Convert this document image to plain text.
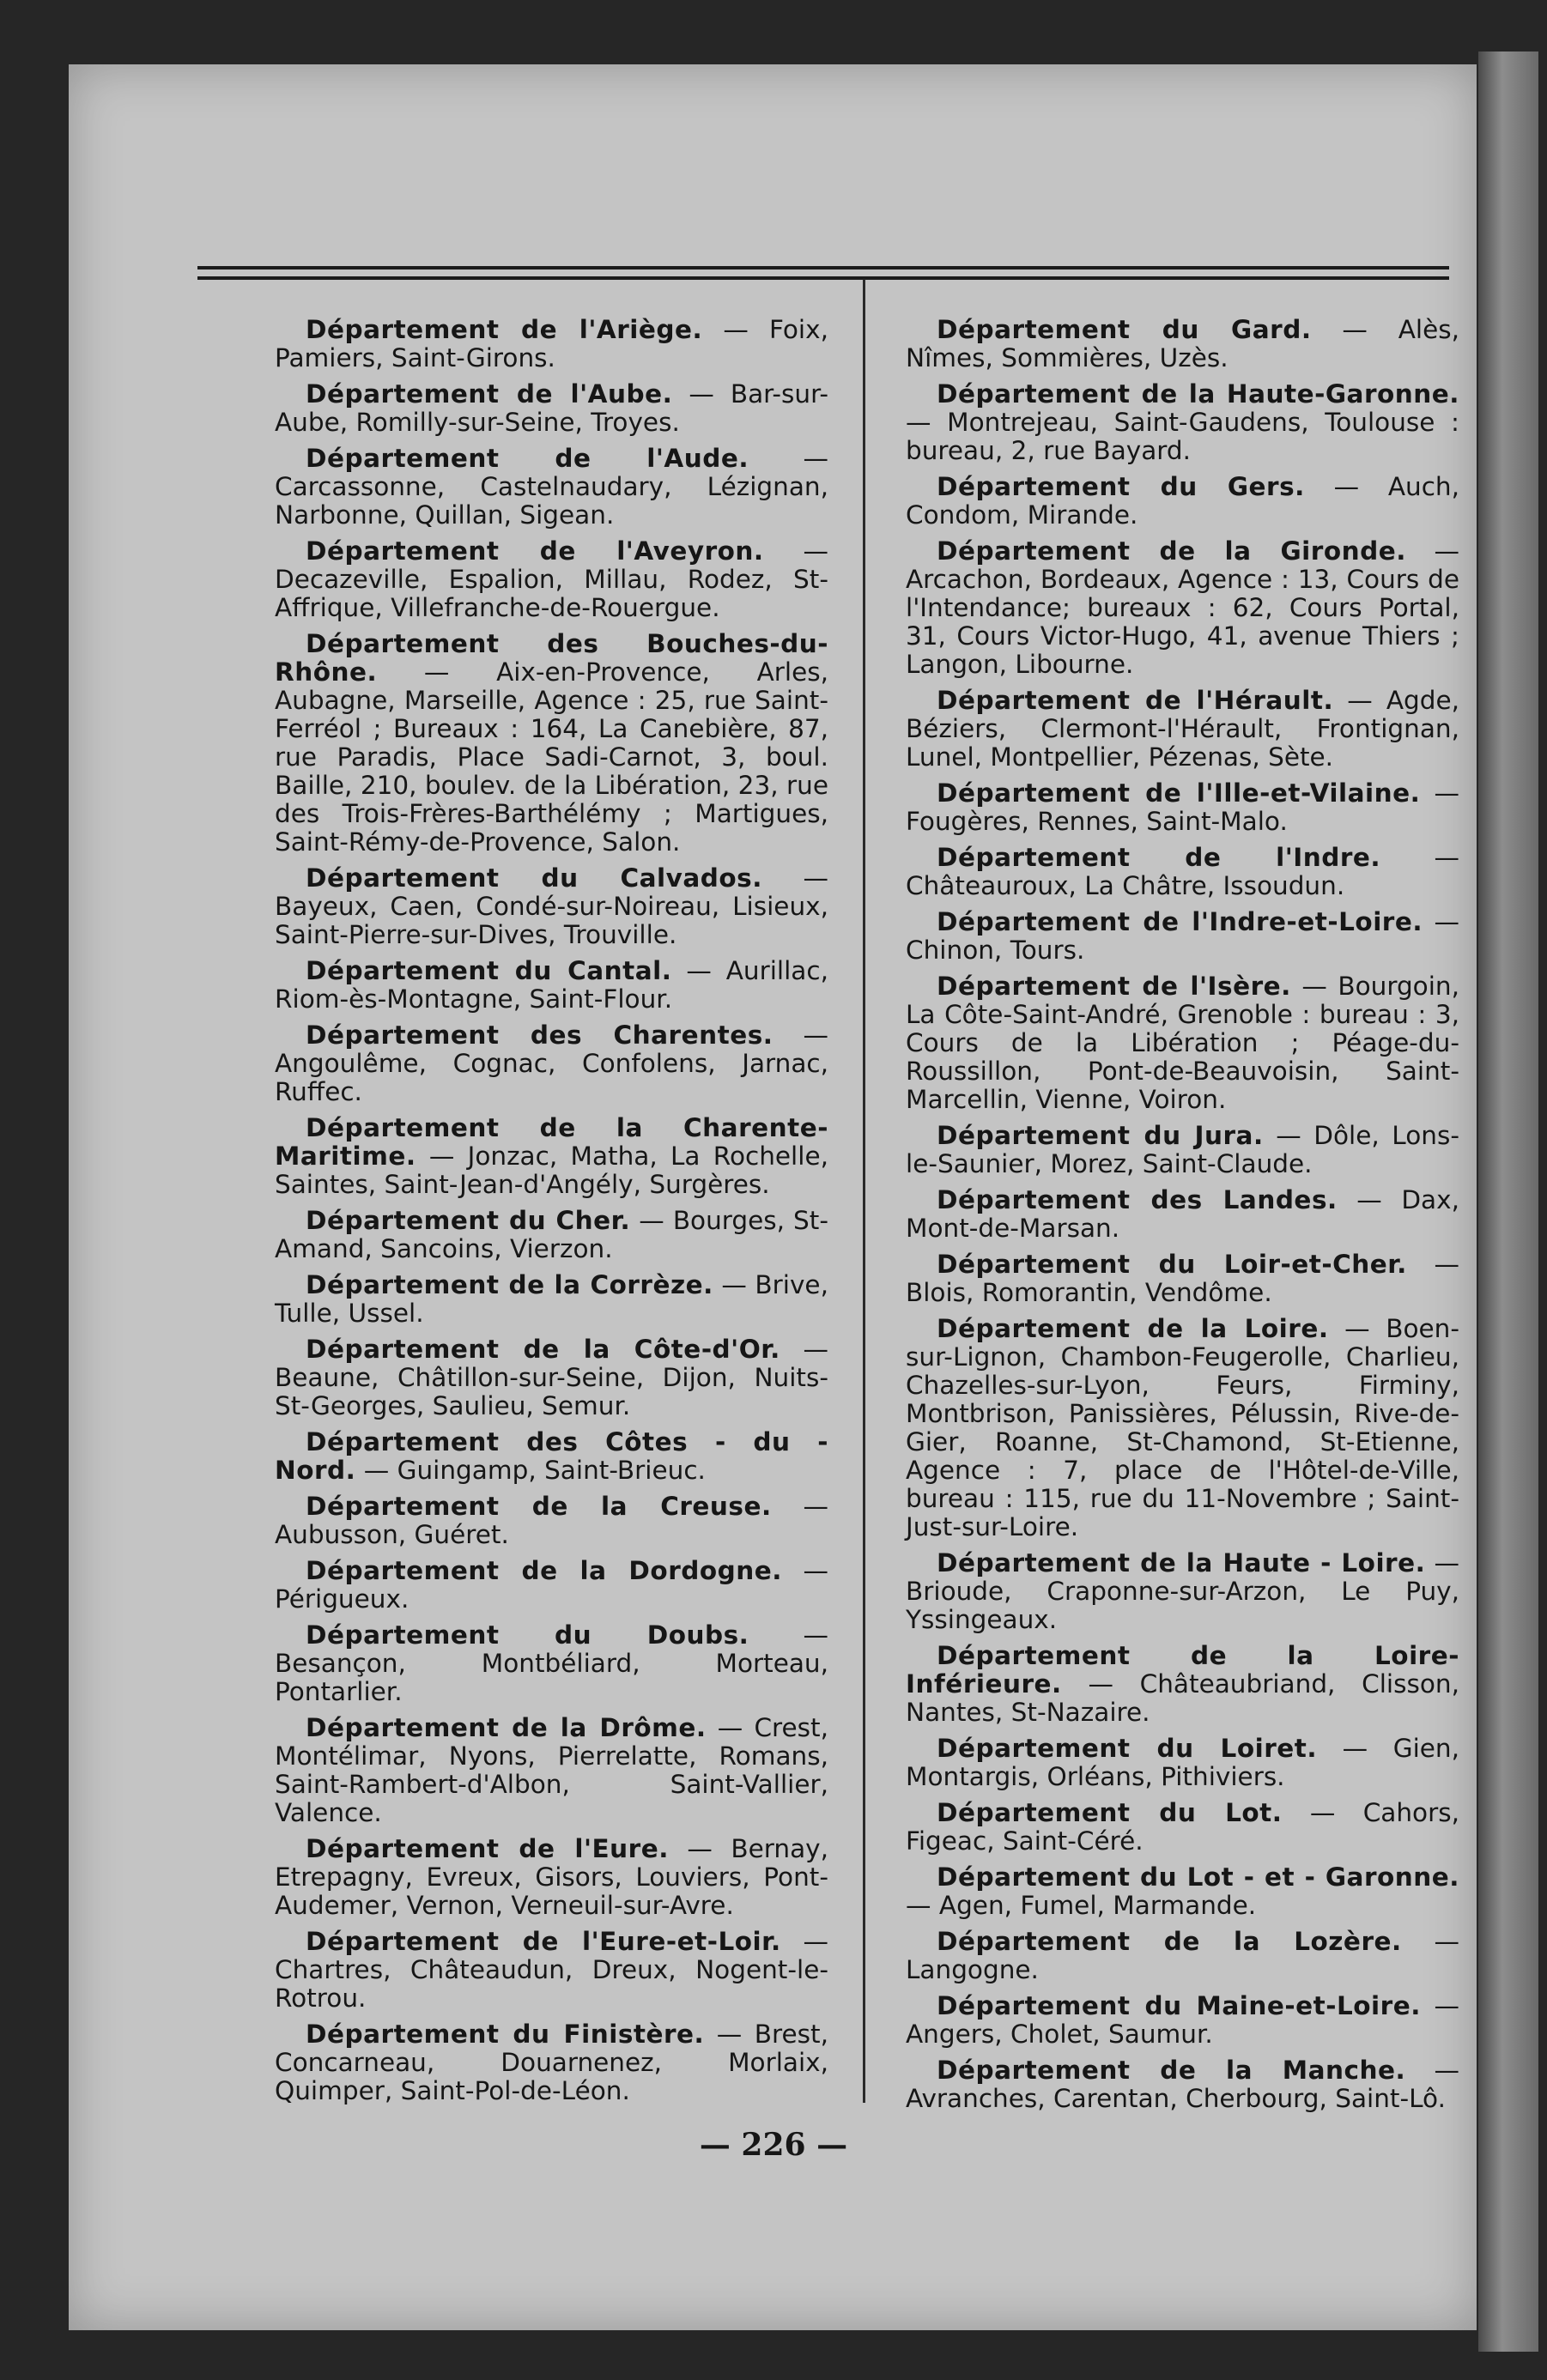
Département de l'Ariège. — Foix, Pamiers, Saint-Girons.

Département de l'Aube. — Bar-sur-Aube, Romilly-sur-Seine, Troyes.

Département de l'Aude. — Carcassonne, Castelnaudary, Lézignan, Narbonne, Quillan, Sigean.

Département de l'Aveyron. — Decazeville, Espalion, Millau, Rodez, St-Affrique, Villefranche-de-Rouergue.

Département des Bouches-du-Rhône. — Aix-en-Provence, Arles, Aubagne, Marseille, Agence : 25, rue Saint-Ferréol ; Bureaux : 164, La Canebière, 87, rue Paradis, Place Sadi-Carnot, 3, boul. Baille, 210, boulev. de la Libération, 23, rue des Trois-Frères-Barthélémy ; Martigues, Saint-Rémy-de-Provence, Salon.

Département du Calvados. — Bayeux, Caen, Condé-sur-Noireau, Lisieux, Saint-Pierre-sur-Dives, Trouville.

Département du Cantal. — Aurillac, Riom-ès-Montagne, Saint-Flour.

Département des Charentes. — Angoulême, Cognac, Confolens, Jarnac, Ruffec.

Département de la Charente-Maritime. — Jonzac, Matha, La Rochelle, Saintes, Saint-Jean-d'Angély, Surgères.

Département du Cher. — Bourges, St-Amand, Sancoins, Vierzon.

Département de la Corrèze. — Brive, Tulle, Ussel.

Département de la Côte-d'Or. — Beaune, Châtillon-sur-Seine, Dijon, Nuits-St-Georges, Saulieu, Semur.

Département des Côtes - du - Nord. — Guingamp, Saint-Brieuc.

Département de la Creuse. — Aubusson, Guéret.

Département de la Dordogne. — Périgueux.

Département du Doubs. — Besançon, Montbéliard, Morteau, Pontarlier.

Département de la Drôme. — Crest, Montélimar, Nyons, Pierrelatte, Romans, Saint-Rambert-d'Albon, Saint-Vallier, Valence.

Département de l'Eure. — Bernay, Etrepagny, Evreux, Gisors, Louviers, Pont-Audemer, Vernon, Verneuil-sur-Avre.

Département de l'Eure-et-Loir. — Chartres, Châteaudun, Dreux, Nogent-le-Rotrou.

Département du Finistère. — Brest, Concarneau, Douarnenez, Morlaix, Quimper, Saint-Pol-de-Léon.

Département du Gard. — Alès, Nîmes, Sommières, Uzès.

Département de la Haute-Garonne. — Montrejeau, Saint-Gaudens, Toulouse : bureau, 2, rue Bayard.

Département du Gers. — Auch, Condom, Mirande.

Département de la Gironde. — Arcachon, Bordeaux, Agence : 13, Cours de l'Intendance; bureaux : 62, Cours Portal, 31, Cours Victor-Hugo, 41, avenue Thiers ; Langon, Libourne.

Département de l'Hérault. — Agde, Béziers, Clermont-l'Hérault, Frontignan, Lunel, Montpellier, Pézenas, Sète.

Département de l'Ille-et-Vilaine. — Fougères, Rennes, Saint-Malo.

Département de l'Indre. — Châteauroux, La Châtre, Issoudun.

Département de l'Indre-et-Loire. — Chinon, Tours.

Département de l'Isère. — Bourgoin, La Côte-Saint-André, Grenoble : bureau : 3, Cours de la Libération ; Péage-du-Roussillon, Pont-de-Beauvoisin, Saint-Marcellin, Vienne, Voiron.

Département du Jura. — Dôle, Lons-le-Saunier, Morez, Saint-Claude.

Département des Landes. — Dax, Mont-de-Marsan.

Département du Loir-et-Cher. — Blois, Romorantin, Vendôme.

Département de la Loire. — Boen-sur-Lignon, Chambon-Feugerolle, Charlieu, Chazelles-sur-Lyon, Feurs, Firminy, Montbrison, Panissières, Pélussin, Rive-de-Gier, Roanne, St-Chamond, St-Etienne, Agence : 7, place de l'Hôtel-de-Ville, bureau : 115, rue du 11-Novembre ; Saint-Just-sur-Loire.

Département de la Haute - Loire. — Brioude, Craponne-sur-Arzon, Le Puy, Yssingeaux.

Département de la Loire-Inférieure. — Châteaubriand, Clisson, Nantes, St-Nazaire.

Département du Loiret. — Gien, Montargis, Orléans, Pithiviers.

Département du Lot. — Cahors, Figeac, Saint-Céré.

Département du Lot - et - Garonne. — Agen, Fumel, Marmande.

Département de la Lozère. — Langogne.

Département du Maine-et-Loire. — Angers, Cholet, Saumur.

Département de la Manche. — Avranches, Carentan, Cherbourg, Saint-Lô.

— 226 —
